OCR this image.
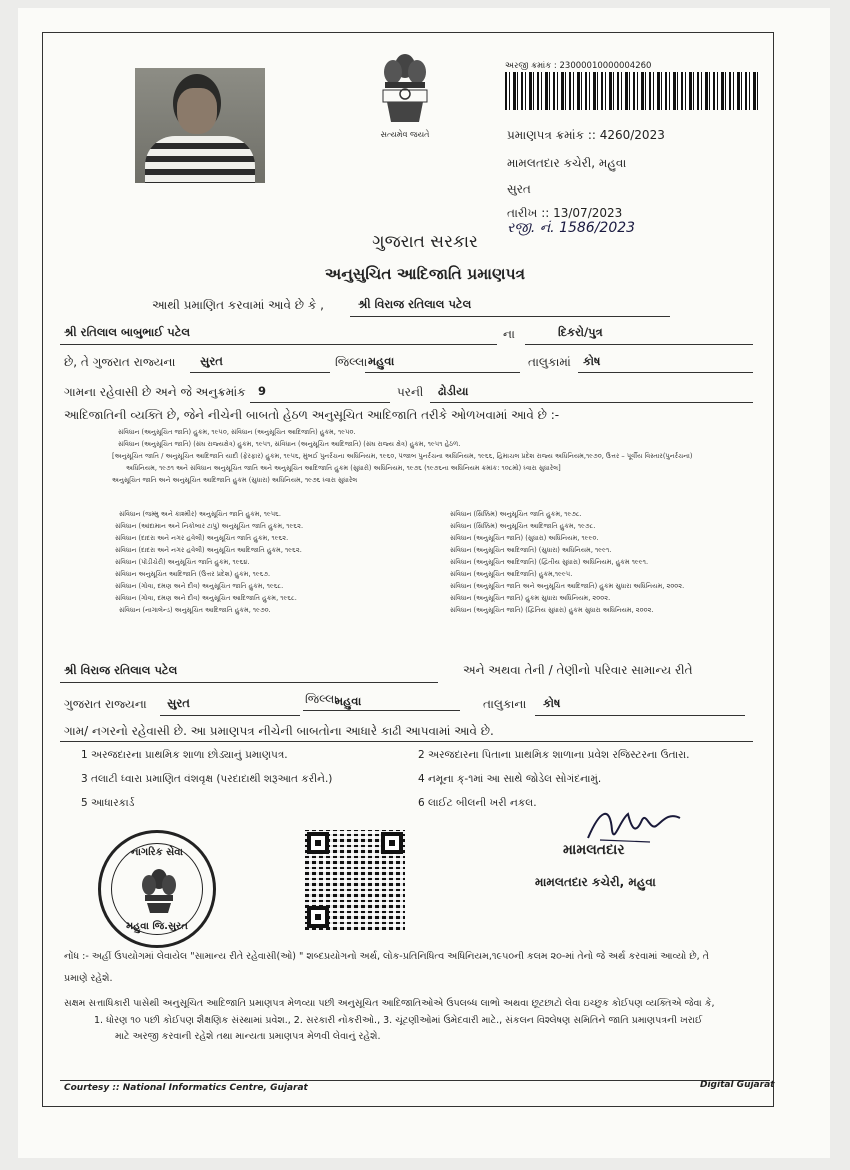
સત્યમેવ જયતે
અરજી ક્રમાંક : 23000010000004260
પ્રમાણપત્ર ક્રમાંક :: 4260/2023
મામલતદાર કચેરી, મહુવા
સુરત
તારીખ :: 13/07/2023
રજી. નં. 1586/2023
ગુજરાત સરકાર
અનુસુચિત આદિજાતિ પ્રમાણપત્ર
આથી પ્રમાણિત કરવામાં આવે છે કે ,	શ્રી વિરાજ રતિલાલ પટેલ
શ્રી રતિલાલ બાબુભાઈ પટેલ	ના	દિકરો/પુત્ર
છે, તે ગુજરાત રાજ્યના સુરત	જિલ્લા મહુવા	તાલુકામાં કોષ
ગામના રહેવાસી છે અને જે અનુક્રમાંક 9	પરની ઢોડીયા
આદિજાતિની વ્યક્તિ છે, જેને નીચેની બાબતો હેઠળ અનુસૂચિત આદિજાતિ તરીકે ઓળખવામાં આવે છે :-
સંવિધાન (અનુસૂચિત જાતિ) હુકમ, ૧૯૫૦, સંવિધાન (અનુસૂચિત આદિજાતિ) હુકમ, ૧૯૫૦.
સંવિધાન (અનુસૂચિત જાતિ) (સંઘ રાજ્યક્ષેત્ર) હુકમ, ૧૯૫૧, સંવિધાન (અનુસૂચિત આદિજાતિ) (સંઘ રાજ્ય ક્ષેત્ર) હુકમ, ૧૯૫૧ હેઠળ.
[અનુસૂચિત જાતિ / અનુસૂચિત આદિજાતિ યાદી (ફેરફાર) હુકમ, ૧૯૫૬, મુંબઈ પુનર્રચના અધિનિયમ, ૧૯૬૦, પંજાબ પુનર્રચના અધિનિયમ, ૧૯૬૬, હિમાચલ પ્રદેશ રાજ્ય અધિનિયમ,૧૯૭૦, ઉત્તર – પૂર્વીય વિસ્તાર(પુનર્રચના)
અધિનિયમ, ૧૯૭૧ અને સંવિધાન અનુસૂચિત જાતિ અને અનુસૂચિત આદિજાતિ હુકમ (સુધારો) અધિનિયમ, ૧૯૭૬ (૧૯૭૬ના અધિનિયમ ક્રમાંક: ૧૦૮મો) ધ્વારા સુધારેલ]
અનુસૂચિત જાતિ અને અનુસૂચિત આદિજાતિ હુકમ (સુધારા) અધિનિયમ, ૧૯૭૬ ધ્વારા સુધારેલ
સંવિધાન (જમ્મુ અને કાશ્મીર) અનુસૂચિત જાતિ હુકમ, ૧૯૫૬.
સંવિધાન (આંદામાન અને નિકોબાર ટાપુ) અનુસૂચિત જાતિ હુકમ, ૧૯૬૨.
સંવિધાન (દાદરા અને નગર હવેલી) અનુસૂચિત જાતિ હુકમ, ૧૯૬૨.
સંવિધાન (દાદરા અને નગર હવેલી) અનુસૂચિત આદિજાતિ હુકમ, ૧૯૬૨.
સંવિધાન (પોંડીચેરી) અનુસૂચિત જાતિ હુકમ, ૧૯૬૪.
સંવિધાન અનુસૂચિત આદિજાતિ (ઉત્તર પ્રદેશ) હુકમ, ૧૯૬૭.
સંવિધાન (ગોવા, દમણ અને દીવ) અનુસૂચિત જાતિ હુકમ, ૧૯૬૮.
સંવિધાન (ગોવા, દમણ અને દીવ) અનુસૂચિત આદિજાતિ હુકમ, ૧૯૬૮.
સંવિધાન (નાગાલેન્ડ) અનુસૂચિત આદિજાતિ હુકમ, ૧૯૭૦.
સંવિધાન (સિક્કિમ) અનુસૂચિત જાતિ હુકમ, ૧૯૭૮.
સંવિધાન (સિક્કિમ) અનુસૂચિત આદિજાતિ હુકમ, ૧૯૭૮.
સંવિધાન (અનુસૂચિત જાતિ) (સુધારા) અધિનિયમ, ૧૯૯૦.
સંવિધાન (અનુસૂચિત આદિજાતિ) (સુધારા) અધિનિયમ, ૧૯૯૧.
સંવિધાન (અનુસૂચિત આદિજાતિ) (દ્વિતીય સુધારા) અધિનિયમ, હુકમ ૧૯૯૧.
સંવિધાન (અનુસૂચિત આદિજાતિ) હુકમ,૧૯૯૫.
સંવિધાન (અનુસૂચિત જાતિ અને અનુસૂચિત આદિજાતિ) હુકમ સુધારા અધિનિયમ, ૨૦૦૨.
સંવિધાન (અનુસૂચિત જાતિ) હુકમ સુધારા અધિનિયમ, ૨૦૦૨.
સંવિધાન (અનુસૂચિત જાતિ) (દ્વિતિય સુધારા) હુકમ સુધારા અધિનિયમ, ૨૦૦૨.
શ્રી વિરાજ રતિલાલ પટેલ	અને અથવા તેની / તેણીનો પરિવાર સામાન્ય રીતે
ગુજરાત રાજ્યના સુરત	જિલ્લા
મહુવા	તાલુકાના કોષ
ગામ/ નગરનો રહેવાસી છે. આ પ્રમાણપત્ર નીચેની બાબતોના આધારે કાઢી આપવામાં આવે છે.
1 અરજદારના પ્રાથમિક શાળા છોડ્યાનું પ્રમાણપત્ર.	2 અરજદારના પિતાના પ્રાથમિક શાળાના પ્રવેશ રજિસ્ટરના ઉતારા.
3 તલાટી ધ્વારા પ્રમાણિત વંશવૃક્ષ (પરદાદાથી શરૂઆત કરીને.)	4 નમૂના ક્-૧માં આ સાથે જોડેલ સોગંદનામું.
5 આધારકાર્ડ	6 લાઈટ બીલની ખરી નકલ.
નાગરિક સેવા
મહુવા જિ.સુરત
મામલતદાર
મામલતદાર કચેરી, મહુવા
નોંધ :- અહીં ઉપયોગમાં લેવાયેલ "સામાન્ય રીતે રહેવાસી(ઓ) " શબ્દપ્રયોગનો અર્થ, લોક-પ્રતિનિધિત્વ અધિનિયમ,૧૯૫૦ની કલમ ૨૦-માં તેનો જે અર્થ કરવામાં આવ્યો છે, તે
પ્રમાણે રહેશે.
સક્ષમ સત્તાધિકારી પાસેથી અનુસૂચિત આદિજાતિ પ્રમાણપત્ર મેળવ્યા પછી અનુસૂચિત આદિજાતિઓએ ઉપલબ્ધ લાભો અથવા છૂટછાટો લેવા ઇચ્છુક કોઈપણ વ્યક્તિએ જેવા કે,
1. ધોરણ ૧૦ પછી કોઈપણ શૈક્ષણિક સંસ્થામાં પ્રવેશ., 2. સરકારી નોકરીઓ., 3. ચૂંટણીઓમાં ઉમેદવારી માટે., સંકલન વિશ્લેષણ સમિતિને જાતિ પ્રમાણપત્રની ખરાઈ
માટે અરજી કરવાની રહેશે તથા માન્યતા પ્રમાણપત્ર મેળવી લેવાનું રહેશે.
Courtesy :: National Informatics Centre, Gujarat	Digital Gujarat
